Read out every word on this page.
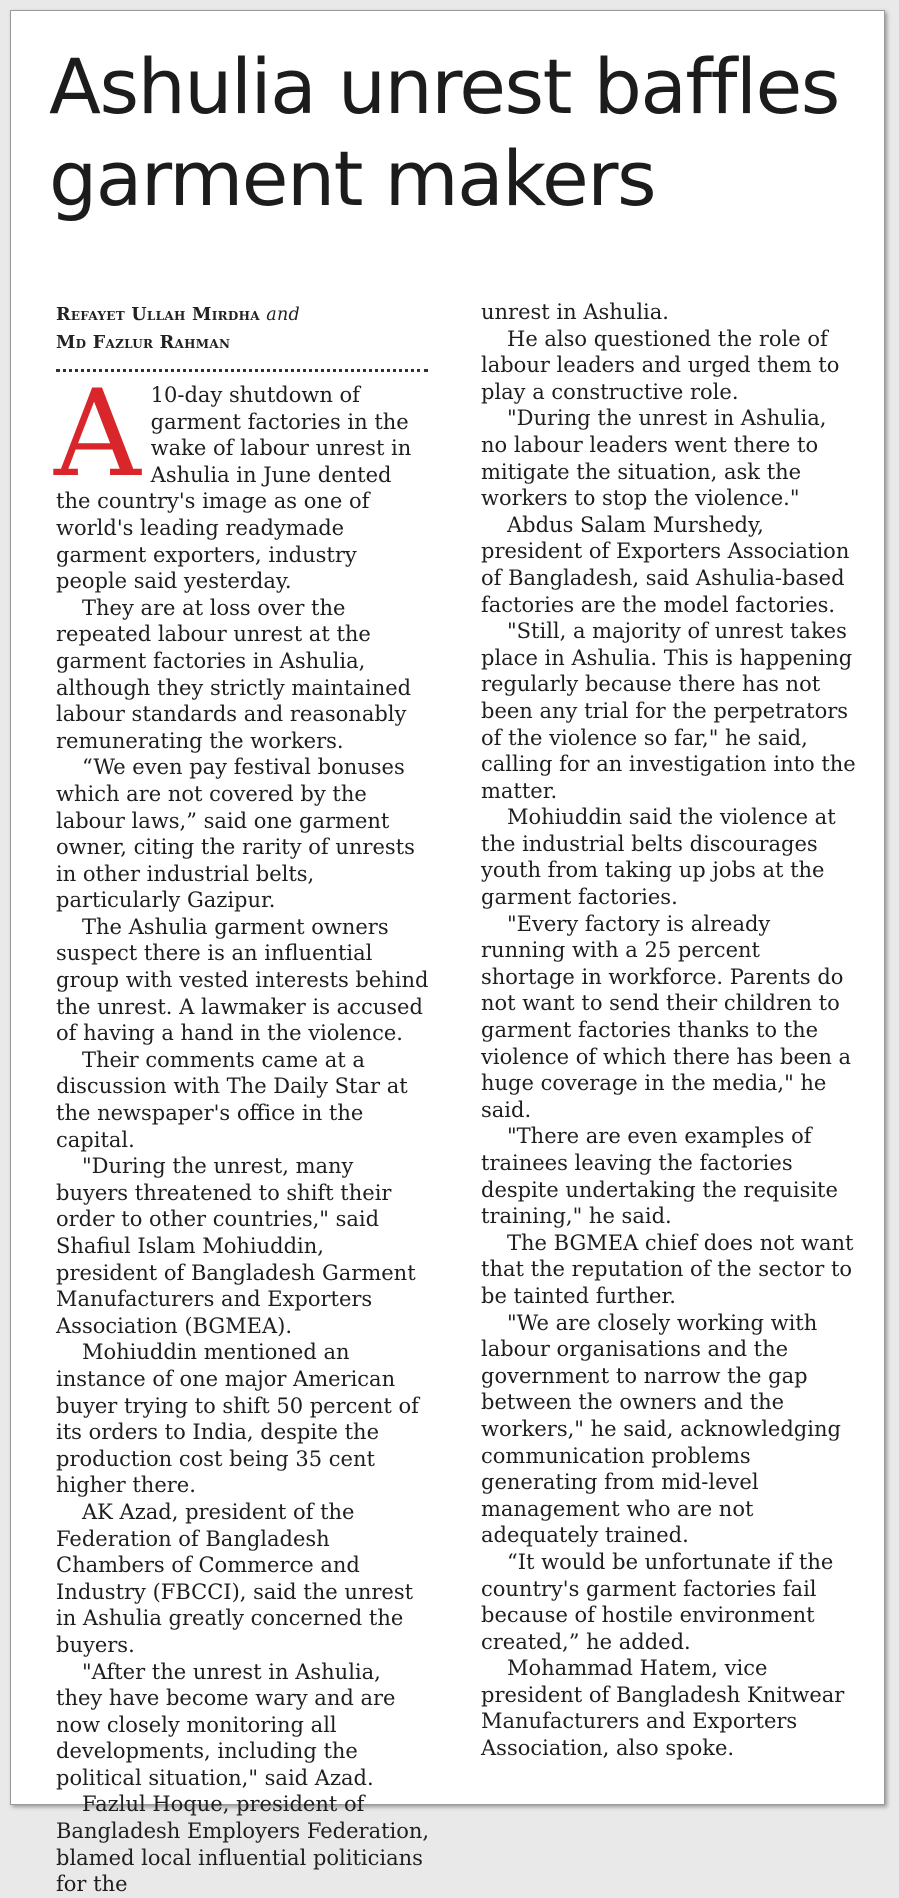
Ashulia unrest baffles garment makers
Refayet Ullah Mirdha and
Md Fazlur Rahman

A 10-day shutdown of garment factories in the wake of labour unrest in Ashulia in June dented the country's image as one of world's leading readymade garment exporters, industry people said yesterday.

They are at loss over the repeated labour unrest at the garment factories in Ashulia, although they strictly maintained labour standards and reasonably remunerating the workers.

“We even pay festival bonuses which are not covered by the labour laws,” said one garment owner, citing the rarity of unrests in other industrial belts, particularly Gazipur.

The Ashulia garment owners suspect there is an influential group with vested interests behind the unrest. A lawmaker is accused of having a hand in the violence.

Their comments came at a discussion with The Daily Star at the newspaper's office in the capital.

"During the unrest, many buyers threatened to shift their order to other countries," said Shafiul Islam Mohiuddin, president of Bangladesh Garment Manufacturers and Exporters Association (BGMEA).

Mohiuddin mentioned an instance of one major American buyer trying to shift 50 percent of its orders to India, despite the production cost being 35 cent higher there.

AK Azad, president of the Federation of Bangladesh Chambers of Commerce and Industry (FBCCI), said the unrest in Ashulia greatly concerned the buyers.

"After the unrest in Ashulia, they have become wary and are now closely monitoring all developments, including the political situation," said Azad.

Fazlul Hoque, president of Bangladesh Employers Federation, blamed local influential politicians for the

unrest in Ashulia.

He also questioned the role of labour leaders and urged them to play a constructive role.

"During the unrest in Ashulia, no labour leaders went there to mitigate the situation, ask the workers to stop the violence."

Abdus Salam Murshedy, president of Exporters Association of Bangladesh, said Ashulia-based factories are the model factories.

"Still, a majority of unrest takes place in Ashulia. This is happening regularly because there has not been any trial for the perpetrators of the violence so far," he said, calling for an investigation into the matter.

Mohiuddin said the violence at the industrial belts discourages youth from taking up jobs at the garment factories.

"Every factory is already running with a 25 percent shortage in workforce. Parents do not want to send their children to garment factories thanks to the violence of which there has been a huge coverage in the media," he said.

"There are even examples of trainees leaving the factories despite undertaking the requisite training," he said.

The BGMEA chief does not want that the reputation of the sector to be tainted further.

"We are closely working with labour organisations and the government to narrow the gap between the owners and the workers," he said, acknowledging communication problems generating from mid-level management who are not adequately trained.

“It would be unfortunate if the country's garment factories fail because of hostile environment created,” he added.

Mohammad Hatem, vice president of Bangladesh Knitwear Manufacturers and Exporters Association, also spoke.
